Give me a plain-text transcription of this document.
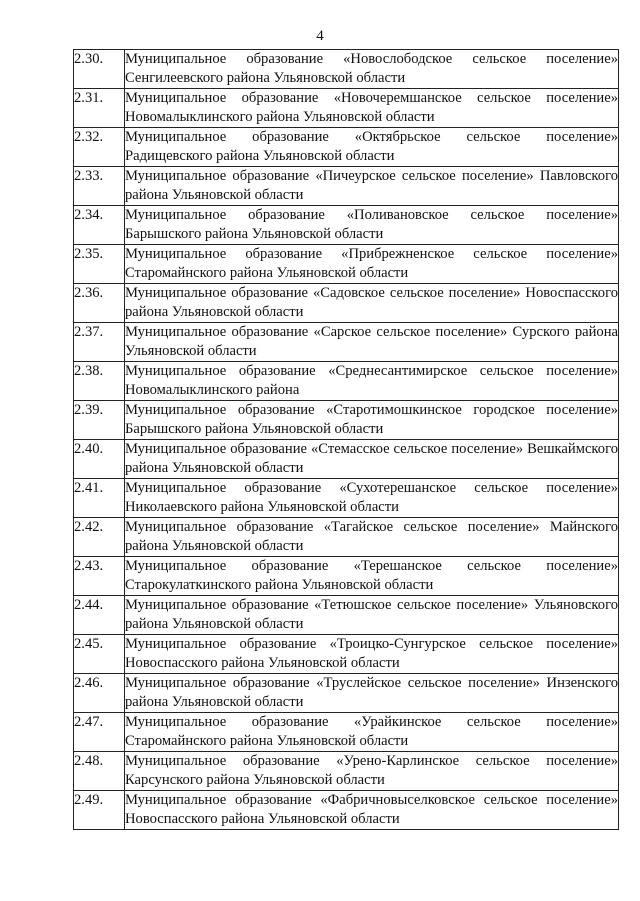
4
2.30.	Муниципальное образование «Новослободское сельское поселение» Сенгилеевского района Ульяновской области
2.31.	Муниципальное образование «Новочеремшанское сельское поселение» Новомалыклинского района Ульяновской области
2.32.	Муниципальное образование «Октябрьское сельское поселение» Радищевского района Ульяновской области
2.33.	Муниципальное образование «Пичеурское сельское поселение» Павловского района Ульяновской области
2.34.	Муниципальное образование «Поливановское сельское поселение» Барышского района Ульяновской области
2.35.	Муниципальное образование «Прибрежненское сельское поселение» Старомайнского района Ульяновской области
2.36.	Муниципальное образование «Садовское сельское поселение» Новоспасского района Ульяновской области
2.37.	Муниципальное образование «Сарское сельское поселение» Сурского района Ульяновской области
2.38.	Муниципальное образование «Среднесантимирское сельское поселение» Новомалыклинского района
2.39.	Муниципальное образование «Старотимошкинское городское поселение» Барышского района Ульяновской области
2.40.	Муниципальное образование «Стемасское сельское поселение» Вешкаймского района Ульяновской области
2.41.	Муниципальное образование «Сухотерешанское сельское поселение» Николаевского района Ульяновской области
2.42.	Муниципальное образование «Тагайское сельское поселение» Майнского района Ульяновской области
2.43.	Муниципальное образование «Терешанское сельское поселение» Старокулаткинского района Ульяновской области
2.44.	Муниципальное образование «Тетюшское сельское поселение» Ульяновского района Ульяновской области
2.45.	Муниципальное образование «Троицко-Сунгурское сельское поселение» Новоспасского района Ульяновской области
2.46.	Муниципальное образование «Труслейское сельское поселение» Инзенского района Ульяновской области
2.47.	Муниципальное образование «Урайкинское сельское поселение» Старомайнского района Ульяновской области
2.48.	Муниципальное образование «Урено-Карлинское сельское поселение» Карсунского района Ульяновской области
2.49.	Муниципальное образование «Фабричновыселковское сельское поселение» Новоспасского района Ульяновской области
